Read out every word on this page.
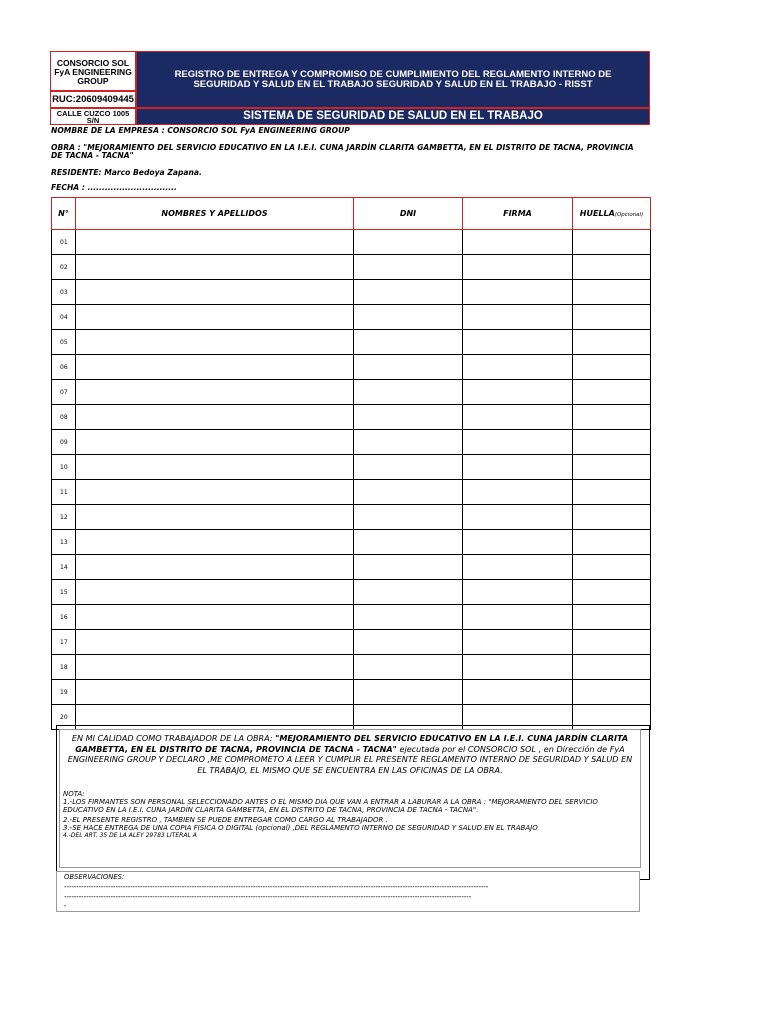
CONSORCIO SOL
FyA ENGINEERING
GROUP
RUC:20609409445
CALLE CUZCO 1005
S/N
REGISTRO DE ENTREGA Y COMPROMISO DE CUMPLIMIENTO DEL REGLAMENTO INTERNO DE SEGURIDAD Y SALUD EN EL TRABAJO SEGURIDAD Y SALUD EN EL TRABAJO - RISST
SISTEMA DE SEGURIDAD DE SALUD EN EL TRABAJO
NOMBRE DE LA EMPRESA : CONSORCIO SOL FyA ENGINEERING GROUP
OBRA : "MEJORAMIENTO DEL SERVICIO EDUCATIVO EN LA I.E.I. CUNA JARDÍN CLARITA GAMBETTA, EN EL DISTRITO DE TACNA, PROVINCIA DE TACNA - TACNA"
RESIDENTE: Marco Bedoya Zapana.
FECHA : ...............................
N°	NOMBRES Y APELLIDOS	DNI	FIRMA	HUELLA(Opcional)
01				
02				
03				
04				
05				
06				
07				
08				
09				
10				
11				
12				
13				
14				
15				
16				
17				
18				
19				
20				
EN MI CALIDAD COMO TRABAJADOR DE LA OBRA: "MEJORAMIENTO DEL SERVICIO EDUCATIVO EN LA I.E.I. CUNA JARDÍN CLARITA GAMBETTA, EN EL DISTRITO DE TACNA, PROVINCIA DE TACNA - TACNA" ejecutada por el CONSORCIO SOL , en Dirección de FyA ENGINEERING GROUP Y DECLARO ,ME COMPROMETO A LEER Y CUMPLIR EL PRESENTE REGLAMENTO INTERNO DE SEGURIDAD Y SALUD EN EL TRABAJO, EL MISMO QUE SE ENCUENTRA EN LAS OFICINAS DE LA OBRA.
NOTA:
1.-LOS FIRMANTES SON PERSONAL SELECCIONADO ANTES O EL MISMO DIA QUE VAN A ENTRAR A LABURAR A LA OBRA : "MEJORAMIENTO DEL SERVICIO EDUCATIVO EN LA I.E.I. CUNA JARDÍN CLARITA GAMBETTA, EN EL DISTRITO DE TACNA, PROVINCIA DE TACNA - TACNA".
2.-EL PRESENTE REGISTRO , TAMBIEN SE PUEDE ENTREGAR COMO CARGO AL TRABAJADOR .
3.-SE HACE ENTREGA DE UNA COPIA FISICA O DIGITAL (opcional) ,DEL REGLAMENTO INTERNO DE SEGURIDAD Y SALUD EN EL TRABAJO
4.-DEL ART. 35 DE LA ALEY 29783 LITERAL A
OBSERVACIONES:
-----------------------------------------------------------------------------------------------------------------------------------------------------------------------------
----------------------------------------------------------------------------------------------------------------------------------------------------------------------
-
